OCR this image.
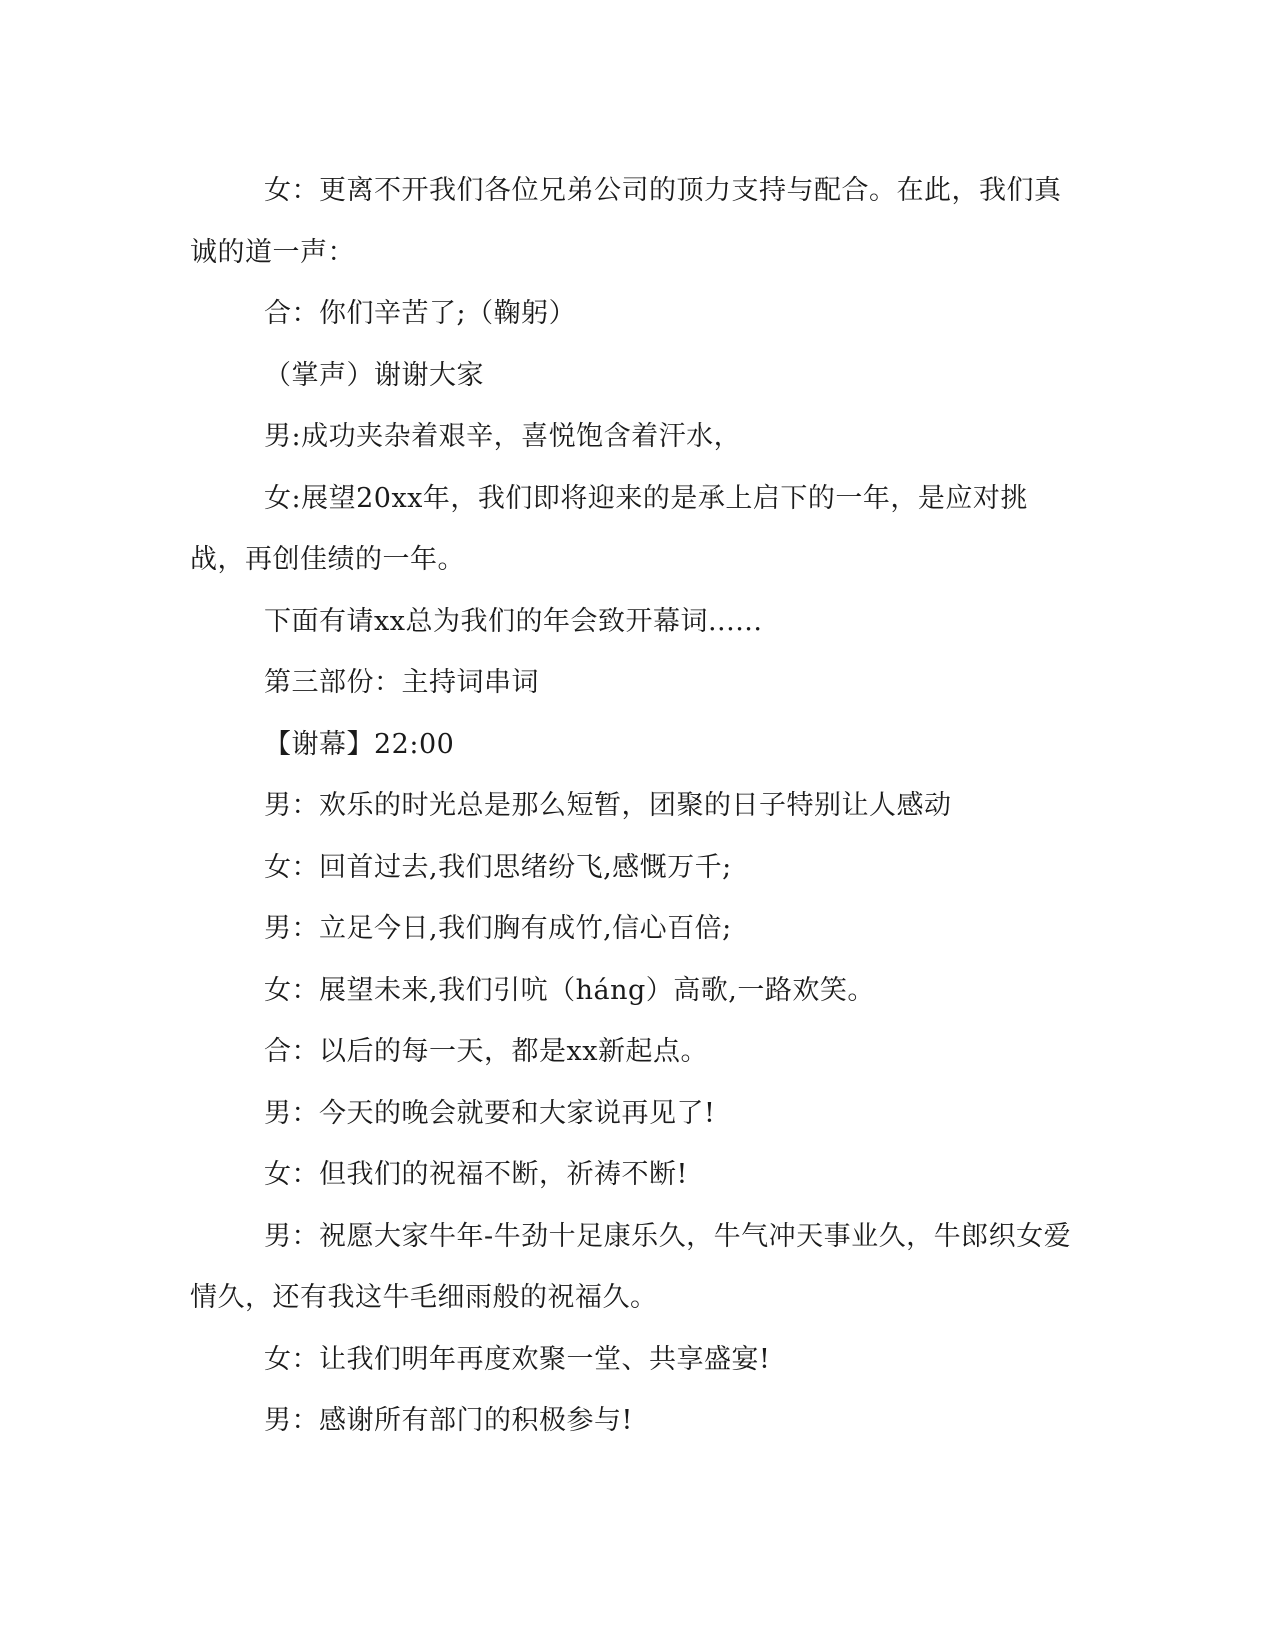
女：更离不开我们各位兄弟公司的顶力支持与配合。在此，我们真诚的道一声：

合：你们辛苦了;（鞠躬）

（掌声）谢谢大家

男:成功夹杂着艰辛，喜悦饱含着汗水，

女:展望20xx年，我们即将迎来的是承上启下的一年，是应对挑战，再创佳绩的一年。

下面有请xx总为我们的年会致开幕词......

第三部份：主持词串词

【谢幕】22:00

男：欢乐的时光总是那么短暂，团聚的日子特别让人感动

女：回首过去,我们思绪纷飞,感慨万千;

男：立足今日,我们胸有成竹,信心百倍;

女：展望未来,我们引吭（háng）高歌,一路欢笑。

合：以后的每一天，都是xx新起点。

男：今天的晚会就要和大家说再见了!

女：但我们的祝福不断，祈祷不断!

男：祝愿大家牛年-牛劲十足康乐久，牛气冲天事业久，牛郎织女爱情久，还有我这牛毛细雨般的祝福久。

女：让我们明年再度欢聚一堂、共享盛宴!

男：感谢所有部门的积极参与!
